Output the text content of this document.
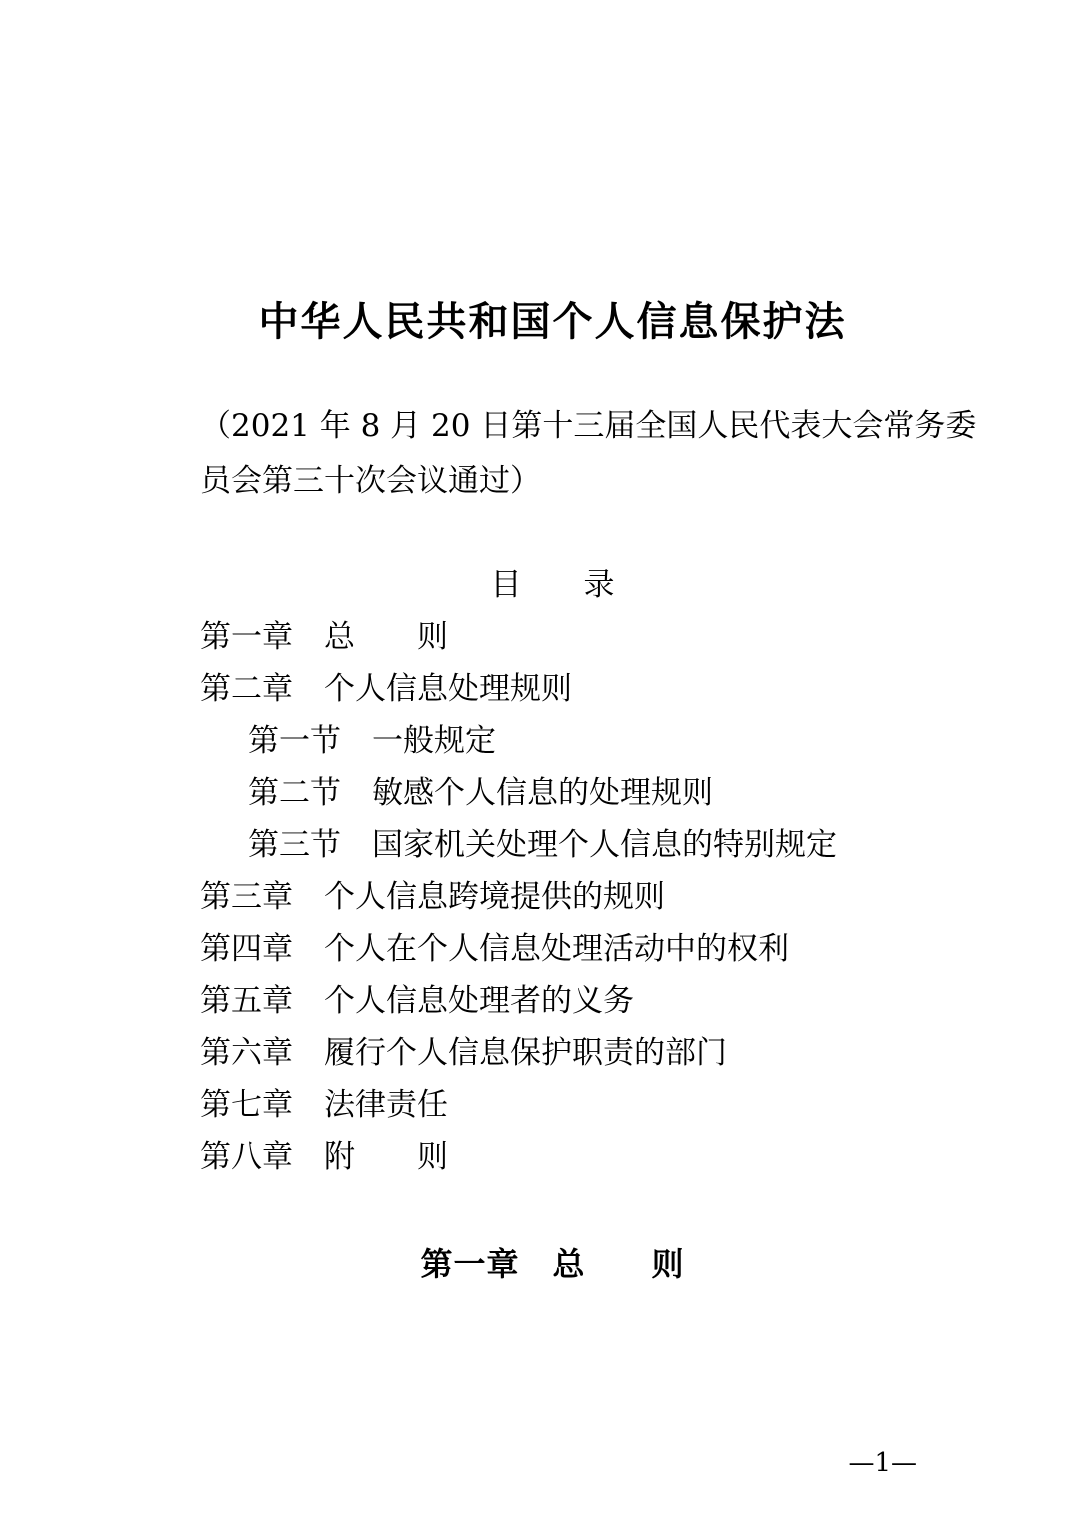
中华人民共和国个人信息保护法
（2021 年 8 月 20 日第十三届全国人民代表大会常务委
员会第三十次会议通过）
目　　录
第一章　总　　则
第二章　个人信息处理规则
第一节　一般规定
第二节　敏感个人信息的处理规则
第三节　国家机关处理个人信息的特别规定
第三章　个人信息跨境提供的规则
第四章　个人在个人信息处理活动中的权利
第五章　个人信息处理者的义务
第六章　履行个人信息保护职责的部门
第七章　法律责任
第八章　附　　则
第一章　总　　则
—1—
